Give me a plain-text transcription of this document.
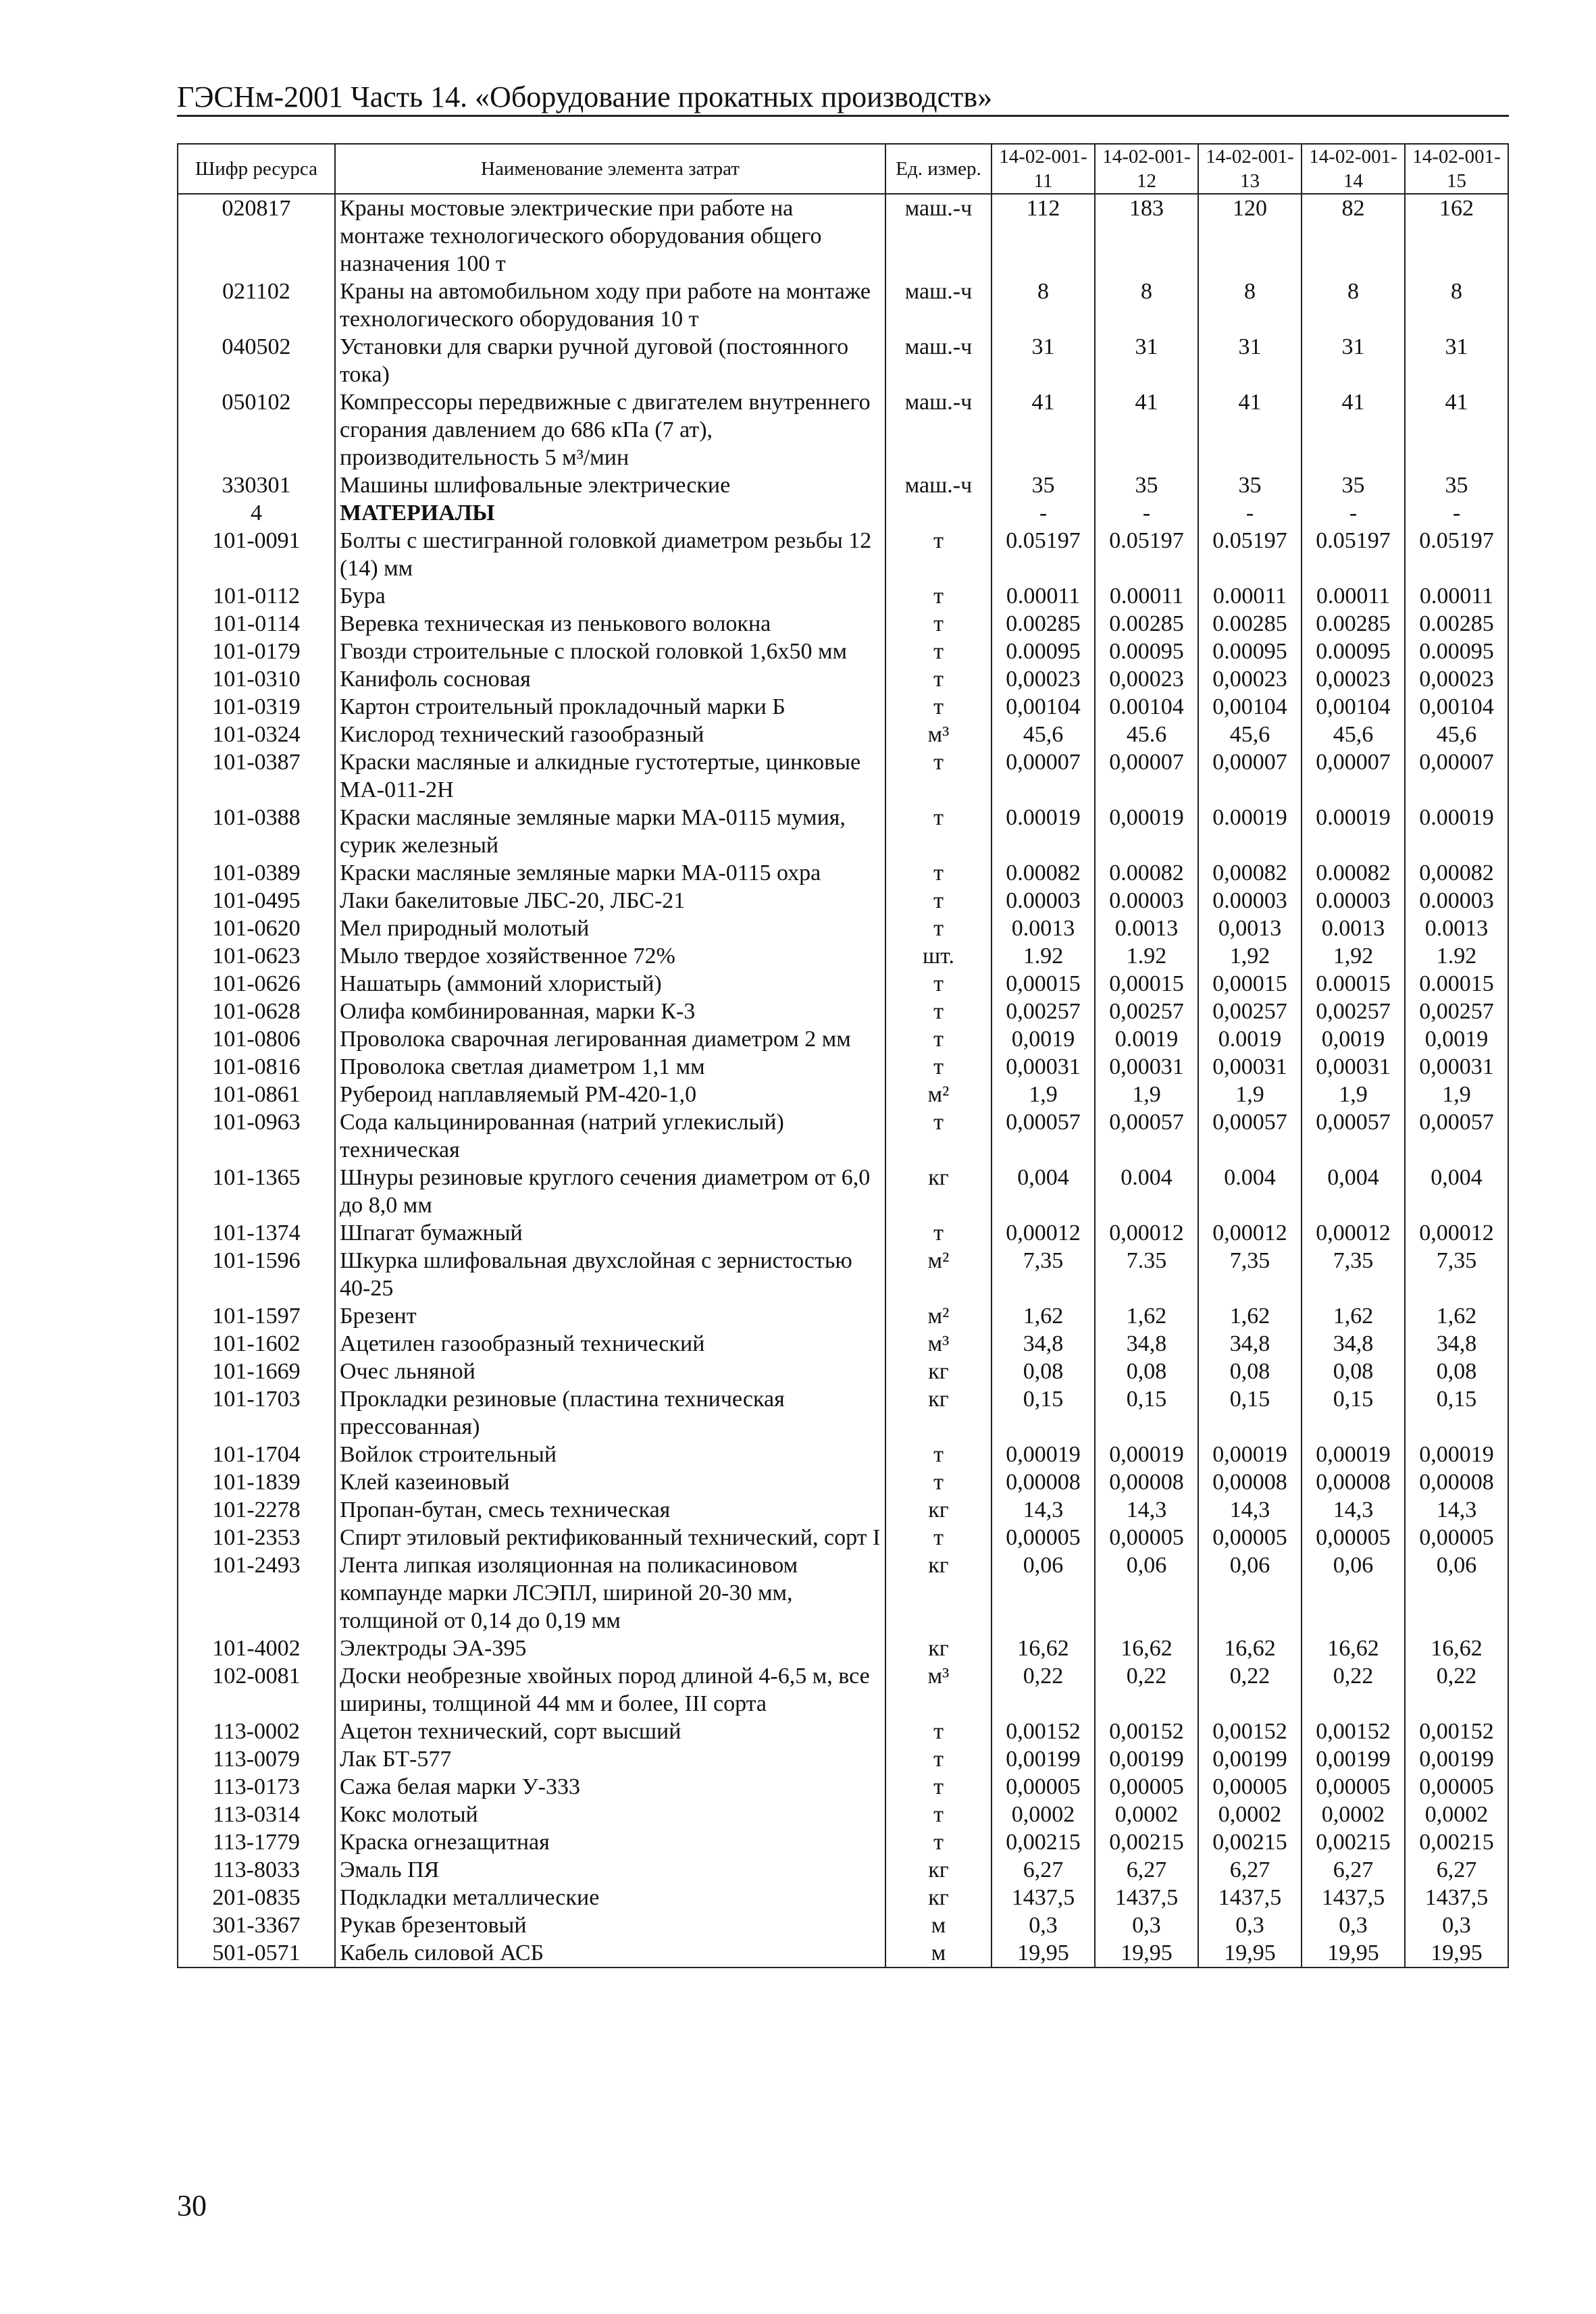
ГЭСНм-2001 Часть 14. «Оборудование прокатных производств»
Шифр ресурса	Наименование элемента затрат	Ед. измер.	14-02-001-11	14-02-001-12	14-02-001-13	14-02-001-14	14-02-001-15
020817	Краны мостовые электрические при работе на монтаже технологического оборудования общего назначения 100 т	маш.-ч	112	183	120	82	162
021102	Краны на автомобильном ходу при работе на монтаже технологического оборудования 10 т	маш.-ч	8	8	8	8	8
040502	Установки для сварки ручной дуговой (постоянного тока)	маш.-ч	31	31	31	31	31
050102	Компрессоры передвижные с двигателем внутреннего сгорания давлением до 686 кПа (7 ат), производительность 5 м³/мин	маш.-ч	41	41	41	41	41
330301	Машины шлифовальные электрические	маш.-ч	35	35	35	35	35
4	МАТЕРИАЛЫ		-	-	-	-	-
101-0091	Болты с шестигранной головкой диаметром резьбы 12 (14) мм	т	0.05197	0.05197	0.05197	0.05197	0.05197
101-0112	Бура	т	0.00011	0.00011	0.00011	0.00011	0.00011
101-0114	Веревка техническая из пенькового волокна	т	0.00285	0.00285	0.00285	0.00285	0.00285
101-0179	Гвозди строительные с плоской головкой 1,6х50 мм	т	0.00095	0.00095	0.00095	0.00095	0.00095
101-0310	Канифоль сосновая	т	0,00023	0,00023	0,00023	0,00023	0,00023
101-0319	Картон строительный прокладочный марки Б	т	0,00104	0.00104	0,00104	0,00104	0,00104
101-0324	Кислород технический газообразный	м³	45,6	45.6	45,6	45,6	45,6
101-0387	Краски масляные и алкидные густотертые, цинковые МА-011-2Н	т	0,00007	0,00007	0,00007	0,00007	0,00007
101-0388	Краски масляные земляные марки МА-0115 мумия, сурик железный	т	0.00019	0,00019	0.00019	0.00019	0.00019
101-0389	Краски масляные земляные марки МА-0115 охра	т	0.00082	0.00082	0,00082	0.00082	0,00082
101-0495	Лаки бакелитовые ЛБС-20, ЛБС-21	т	0.00003	0.00003	0.00003	0.00003	0.00003
101-0620	Мел природный молотый	т	0.0013	0.0013	0,0013	0.0013	0.0013
101-0623	Мыло твердое хозяйственное 72%	шт.	1.92	1.92	1,92	1,92	1.92
101-0626	Нашатырь (аммоний хлористый)	т	0,00015	0,00015	0,00015	0.00015	0.00015
101-0628	Олифа комбинированная, марки К-3	т	0,00257	0,00257	0,00257	0,00257	0,00257
101-0806	Проволока сварочная легированная диаметром 2 мм	т	0,0019	0.0019	0.0019	0,0019	0,0019
101-0816	Проволока светлая диаметром 1,1 мм	т	0,00031	0,00031	0,00031	0,00031	0,00031
101-0861	Рубероид наплавляемый РМ-420-1,0	м²	1,9	1,9	1,9	1,9	1,9
101-0963	Сода кальцинированная (натрий углекислый) техническая	т	0,00057	0,00057	0,00057	0,00057	0,00057
101-1365	Шнуры резиновые круглого сечения диаметром от 6,0 до 8,0 мм	кг	0,004	0.004	0.004	0,004	0,004
101-1374	Шпагат бумажный	т	0,00012	0,00012	0,00012	0,00012	0,00012
101-1596	Шкурка шлифовальная двухслойная с зернистостью 40-25	м²	7,35	7.35	7,35	7,35	7,35
101-1597	Брезент	м²	1,62	1,62	1,62	1,62	1,62
101-1602	Ацетилен газообразный технический	м³	34,8	34,8	34,8	34,8	34,8
101-1669	Очес льняной	кг	0,08	0,08	0,08	0,08	0,08
101-1703	Прокладки резиновые (пластина техническая прессованная)	кг	0,15	0,15	0,15	0,15	0,15
101-1704	Войлок строительный	т	0,00019	0,00019	0,00019	0,00019	0,00019
101-1839	Клей казеиновый	т	0,00008	0,00008	0,00008	0,00008	0,00008
101-2278	Пропан-бутан, смесь техническая	кг	14,3	14,3	14,3	14,3	14,3
101-2353	Спирт этиловый ректификованный технический, сорт I	т	0,00005	0,00005	0,00005	0,00005	0,00005
101-2493	Лента липкая изоляционная на поликасиновом компаунде марки ЛСЭПЛ, шириной 20-30 мм, толщиной от 0,14 до 0,19 мм	кг	0,06	0,06	0,06	0,06	0,06
101-4002	Электроды ЭА-395	кг	16,62	16,62	16,62	16,62	16,62
102-0081	Доски необрезные хвойных пород длиной 4-6,5 м, все ширины, толщиной 44 мм и более, III сорта	м³	0,22	0,22	0,22	0,22	0,22
113-0002	Ацетон технический, сорт высший	т	0,00152	0,00152	0,00152	0,00152	0,00152
113-0079	Лак БТ-577	т	0,00199	0,00199	0,00199	0,00199	0,00199
113-0173	Сажа белая марки У-333	т	0,00005	0,00005	0,00005	0,00005	0,00005
113-0314	Кокс молотый	т	0,0002	0,0002	0,0002	0,0002	0,0002
113-1779	Краска огнезащитная	т	0,00215	0,00215	0,00215	0,00215	0,00215
113-8033	Эмаль ПЯ	кг	6,27	6,27	6,27	6,27	6,27
201-0835	Подкладки металлические	кг	1437,5	1437,5	1437,5	1437,5	1437,5
301-3367	Рукав брезентовый	м	0,3	0,3	0,3	0,3	0,3
501-0571	Кабель силовой АСБ	м	19,95	19,95	19,95	19,95	19,95
30
